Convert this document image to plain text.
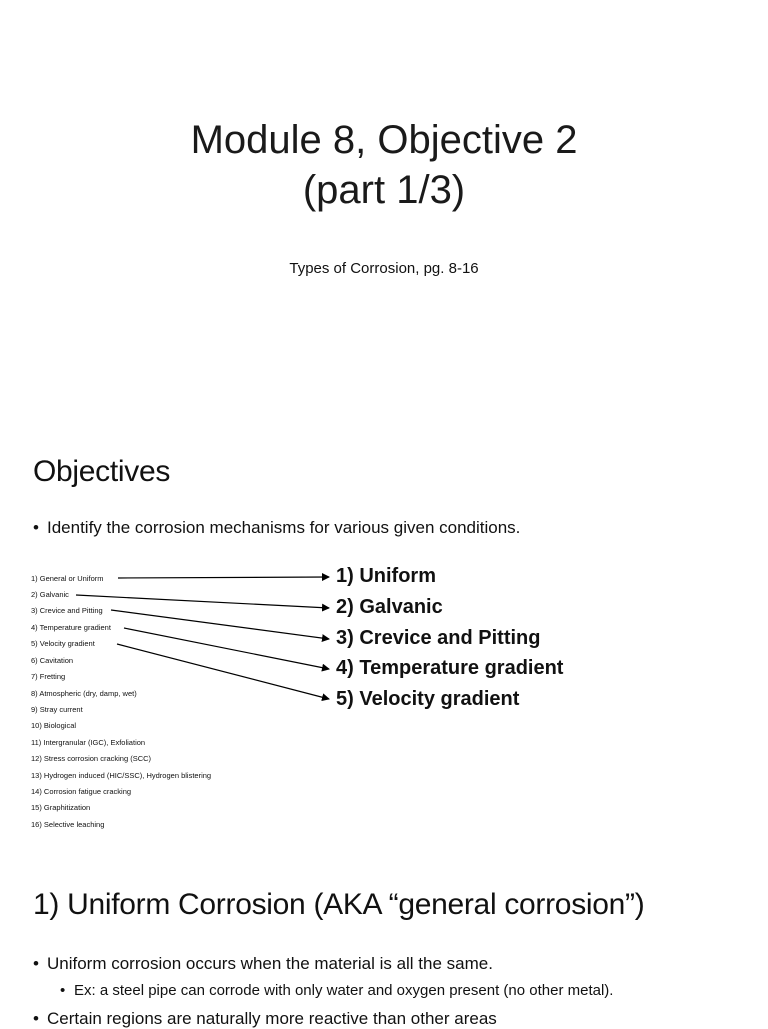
Module 8, Objective 2
(part 1/3)
Types of Corrosion, pg. 8-16
Objectives
• Identify the corrosion mechanisms for various given conditions.
1) General or Uniform
2) Galvanic
3) Crevice and Pitting
4) Temperature gradient
5) Velocity gradient
6) Cavitation
7) Fretting
8) Atmospheric (dry, damp, wet)
9) Stray current
10) Biological
11) Intergranular (IGC), Exfoliation
12) Stress corrosion cracking (SCC)
13) Hydrogen induced (HIC/SSC), Hydrogen blistering
14) Corrosion fatigue cracking
15) Graphitization
16) Selective leaching
1) Uniform
2) Galvanic
3) Crevice and Pitting
4) Temperature gradient
5) Velocity gradient
1) Uniform Corrosion (AKA “general corrosion”)
• Uniform corrosion occurs when the material is all the same.
• Ex: a steel pipe can corrode with only water and oxygen present (no other metal).
• Certain regions are naturally more reactive than other areas
